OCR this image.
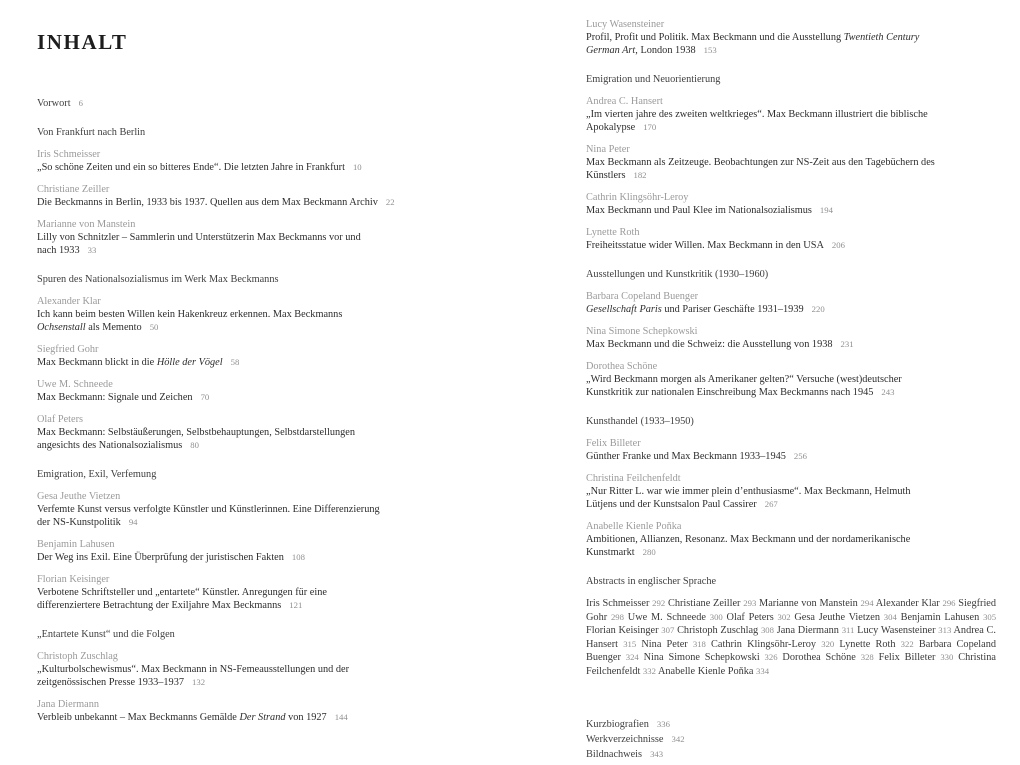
INHALT
Vorwort 6
Von Frankfurt nach Berlin
Iris Schmeisser
„So schöne Zeiten und ein so bitteres Ende“. Die letzten Jahre in Frankfurt 10
Christiane Zeiller
Die Beckmanns in Berlin, 1933 bis 1937. Quellen aus dem Max Beckmann Archiv 22
Marianne von Manstein
Lilly von Schnitzler – Sammlerin und Unterstützerin Max Beckmanns vor und
nach 1933 33
Spuren des Nationalsozialismus im Werk Max Beckmanns
Alexander Klar
Ich kann beim besten Willen kein Hakenkreuz erkennen. Max Beckmanns
Ochsenstall als Memento 50
Siegfried Gohr
Max Beckmann blickt in die Hölle der Vögel 58
Uwe M. Schneede
Max Beckmann: Signale und Zeichen 70
Olaf Peters
Max Beckmann: Selbstäußerungen, Selbstbehauptungen, Selbstdarstellungen
angesichts des Nationalsozialismus 80
Emigration, Exil, Verfemung
Gesa Jeuthe Vietzen
Verfemte Kunst versus verfolgte Künstler und Künstlerinnen. Eine Differenzierung
der NS-Kunstpolitik 94
Benjamin Lahusen
Der Weg ins Exil. Eine Überprüfung der juristischen Fakten 108
Florian Keisinger
Verbotene Schriftsteller und „entartete“ Künstler. Anregungen für eine
differenziertere Betrachtung der Exiljahre Max Beckmanns 121
„Entartete Kunst“ und die Folgen
Christoph Zuschlag
„Kulturbolschewismus“. Max Beckmann in NS-Femeausstellungen und der
zeitgenössischen Presse 1933–1937 132
Jana Diermann
Verbleib unbekannt – Max Beckmanns Gemälde Der Strand von 1927 144
Lucy Wasensteiner
Profil, Profit und Politik. Max Beckmann und die Ausstellung Twentieth Century
German Art, London 1938 153
Emigration und Neuorientierung
Andrea C. Hansert
„Im vierten jahre des zweiten weltkrieges“. Max Beckmann illustriert die biblische
Apokalypse 170
Nina Peter
Max Beckmann als Zeitzeuge. Beobachtungen zur NS-Zeit aus den Tagebüchern des
Künstlers 182
Cathrin Klingsöhr-Leroy
Max Beckmann und Paul Klee im Nationalsozialismus 194
Lynette Roth
Freiheitsstatue wider Willen. Max Beckmann in den USA 206
Ausstellungen und Kunstkritik (1930–1960)
Barbara Copeland Buenger
Gesellschaft Paris und Pariser Geschäfte 1931–1939 220
Nina Simone Schepkowski
Max Beckmann und die Schweiz: die Ausstellung von 1938 231
Dorothea Schöne
„Wird Beckmann morgen als Amerikaner gelten?“ Versuche (west)deutscher
Kunstkritik zur nationalen Einschreibung Max Beckmanns nach 1945 243
Kunsthandel (1933–1950)
Felix Billeter
Günther Franke und Max Beckmann 1933–1945 256
Christina Feilchenfeldt
„Nur Ritter L. war wie immer plein d’enthusiasme“. Max Beckmann, Helmuth
Lütjens und der Kunstsalon Paul Cassirer 267
Anabelle Kienle Poňka
Ambitionen, Allianzen, Resonanz. Max Beckmann und der nordamerikanische
Kunstmarkt 280
Abstracts in englischer Sprache
Iris Schmeisser 292 Christiane Zeiller 293 Marianne von Manstein 294 Alexander Klar 296 Siegfried Gohr 298 Uwe M. Schneede 300 Olaf Peters 302 Gesa Jeuthe Vietzen 304 Benjamin Lahusen 305 Florian Keisinger 307 Christoph Zuschlag 308 Jana Diermann 311 Lucy Wasensteiner 313 Andrea C. Hansert 315 Nina Peter 318 Cathrin Klingsöhr-Leroy 320 Lynette Roth 322 Barbara Copeland Buenger 324 Nina Simone Schepkowski 326 Dorothea Schöne 328 Felix Billeter 330 Christina Feilchenfeldt 332 Anabelle Kienle Poňka 334
Kurzbiografien 336
Werkverzeichnisse 342
Bildnachweis 343
